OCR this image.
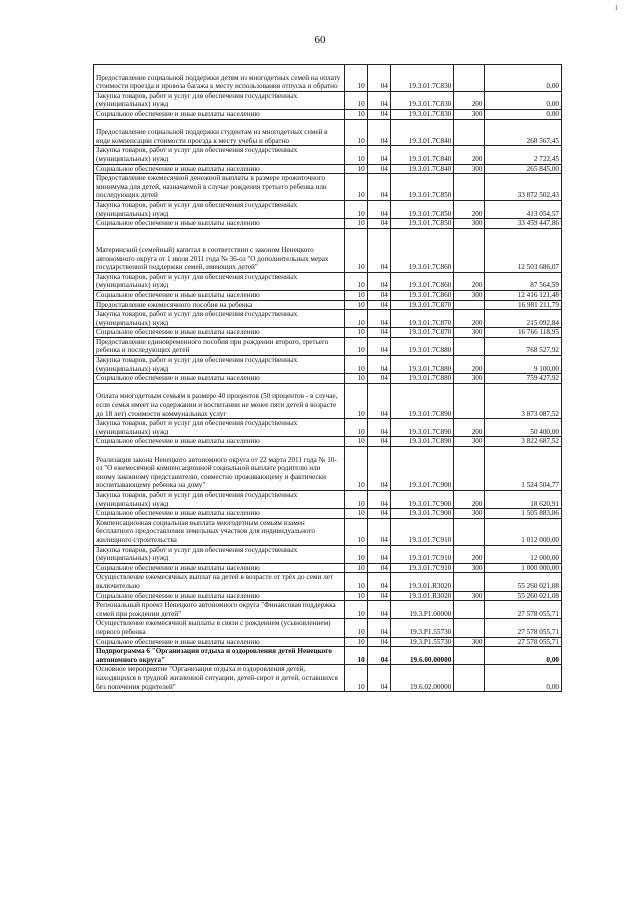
60
1
Предоставление социальной поддержки детям из многодетных семей на оплату стоимости проезда и провоза багажа к месту использования отпуска и обратно	10	04	19.3.01.7С830		0,00
Закупка товаров, работ и услуг для обеспечения государственных (муниципальных) нужд	10	04	19.3.01.7С830	200	0,00
Социальное обеспечение и иные выплаты населению	10	04	19.3.01.7С830	300	0,00
Предоставление социальной поддержки студентам из многодетных семей в виде компенсации стоимости проезда к месту учебы и обратно	10	04	19.3.01.7С840		268 567,45
Закупка товаров, работ и услуг для обеспечения государственных (муниципальных) нужд	10	04	19.3.01.7С840	200	2 722,45
Социальное обеспечение и иные выплаты населению	10	04	19.3.01.7С840	300	265 845,00
Предоставление ежемесячной денежной выплаты в размере прожиточного минимума для детей, назначаемой в случае рождения третьего ребенка или последующих детей	10	04	19.3.01.7С850		33 872 502,43
Закупка товаров, работ и услуг для обеспечения государственных (муниципальных) нужд	10	04	19.3.01.7С850	200	413 054,57
Социальное обеспечение и иные выплаты населению	10	04	19.3.01.7С850	300	33 459 447,86
Материнский (семейный) капитал в соответствии с законом Ненецкого автономного округа от 1 июля 2011 года № 36-оз "О дополнительных мерах государственной поддержки семей, имеющих детей"	10	04	19.3.01.7С860		12 503 686,07
Закупка товаров, работ и услуг для обеспечения государственных (муниципальных) нужд	10	04	19.3.01.7С860	200	87 564,59
Социальное обеспечение и иные выплаты населению	10	04	19.3.01.7С860	300	12 416 121,48
Предоставление ежемесячного пособия на ребенка	10	04	19.3.01.7С870		16 981 211,79
Закупка товаров, работ и услуг для обеспечения государственных (муниципальных) нужд	10	04	19.3.01.7С870	200	215 092,84
Социальное обеспечение и иные выплаты населению	10	04	19.3.01.7С870	300	16 766 118,95
Предоставление единовременного пособия при рождении второго, третьего ребенка и последующих детей	10	04	19.3.01.7С880		768 527,92
Закупка товаров, работ и услуг для обеспечения государственных (муниципальных) нужд	10	04	19.3.01.7С880	200	9 100,00
Социальное обеспечение и иные выплаты населению	10	04	19.3.01.7С880	300	759 427,92
Оплата многодетным семьям в размере 40 процентов (50 процентов - в случае, если семья имеет на содержании и воспитании не менее пяти детей в возрасте до 18 лет) стоимости коммунальных услуг	10	04	19.3.01.7С890		3 873 087,52
Закупка товаров, работ и услуг для обеспечения государственных (муниципальных) нужд	10	04	19.3.01.7С890	200	50 400,00
Социальное обеспечение и иные выплаты населению	10	04	19.3.01.7С890	300	3 822 687,52
Реализация закона Ненецкого автономного округа от 22 марта 2011 года № 10-оз "О ежемесячной компенсационной социальной выплате родителю или иному законному представителю, совместно проживающему и фактически воспитывающему ребенка на дому"	10	04	19.3.01.7С900		1 524 504,77
Закупка товаров, работ и услуг для обеспечения государственных (муниципальных) нужд	10	04	19.3.01.7С900	200	18 620,91
Социальное обеспечение и иные выплаты населению	10	04	19.3.01.7С900	300	1 505 883,86
Компенсационная социальная выплата многодетным семьям взамен бесплатного предоставления земельных участков для индивидуального жилищного строительства	10	04	19.3.01.7С910		1 012 000,00
Закупка товаров, работ и услуг для обеспечения государственных (муниципальных) нужд	10	04	19.3.01.7С910	200	12 000,00
Социальное обеспечение и иные выплаты населению	10	04	19.3.01.7С910	300	1 000 000,00
Осуществление ежемесячных выплат на детей в возрасте от трёх до семи лет включительно	10	04	19.3.01.R3020		55 260 021,08
Социальное обеспечение и иные выплаты населению	10	04	19.3.01.R3020	300	55 260 021,08
Региональный проект Ненецкого автономного округа "Финансовая поддержка семей при рождении детей"	10	04	19.3.P1.00000		27 578 055,71
Осуществление ежемесячной выплаты в связи с рождением (усыновлением) первого ребенка	10	04	19.3.P1.55730		27 578 055,71
Социальное обеспечение и иные выплаты населению	10	04	19.3.P1.55730	300	27 578 055,71
Подпрограмма 6 "Организация отдыха и оздоровления детей Ненецкого автономного округа"	10	04	19.6.00.00000		0,00
Основное мероприятие "Организация отдыха и оздоровления детей, находящихся в трудной жизненной ситуации, детей-сирот и детей, оставшихся без попечения родителей"	10	04	19.6.02.00000		0,00
